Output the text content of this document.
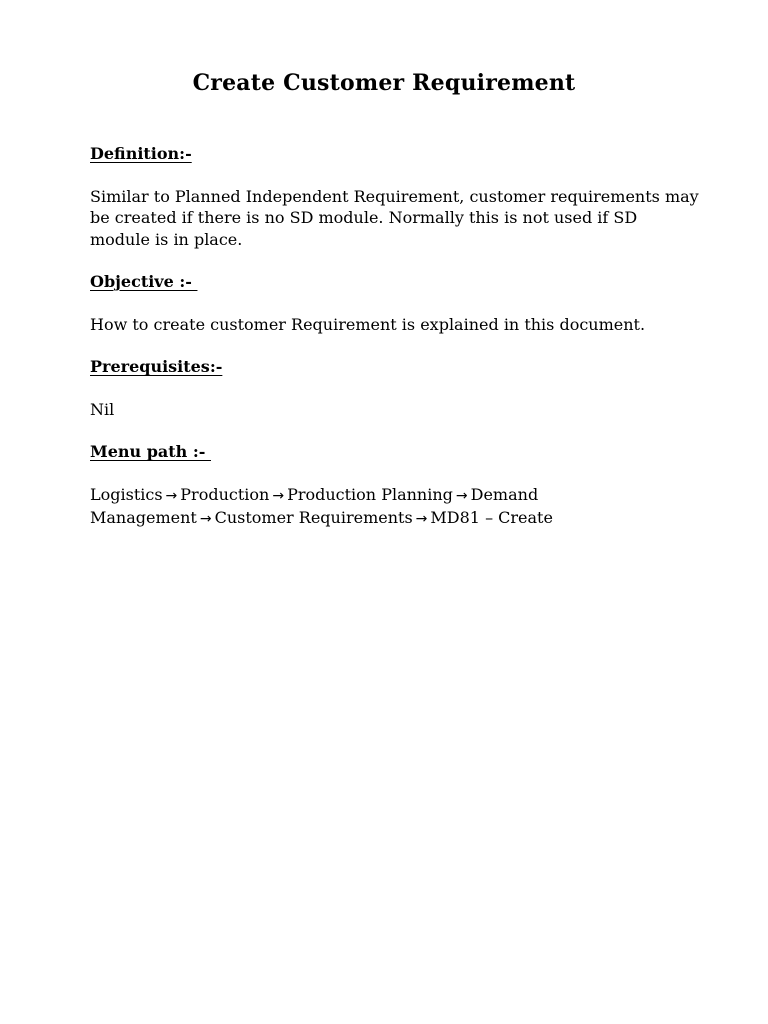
Create Customer Requirement
Definition:-

Similar to Planned Independent Requirement, customer requirements may be created if there is no SD module. Normally this is not used if SD module is in place.

Objective :-

How to create customer Requirement is explained in this document.

Prerequisites:-

Nil

Menu path :-

Logistics → Production → Production Planning → Demand Management → Customer Requirements → MD81 – Create
